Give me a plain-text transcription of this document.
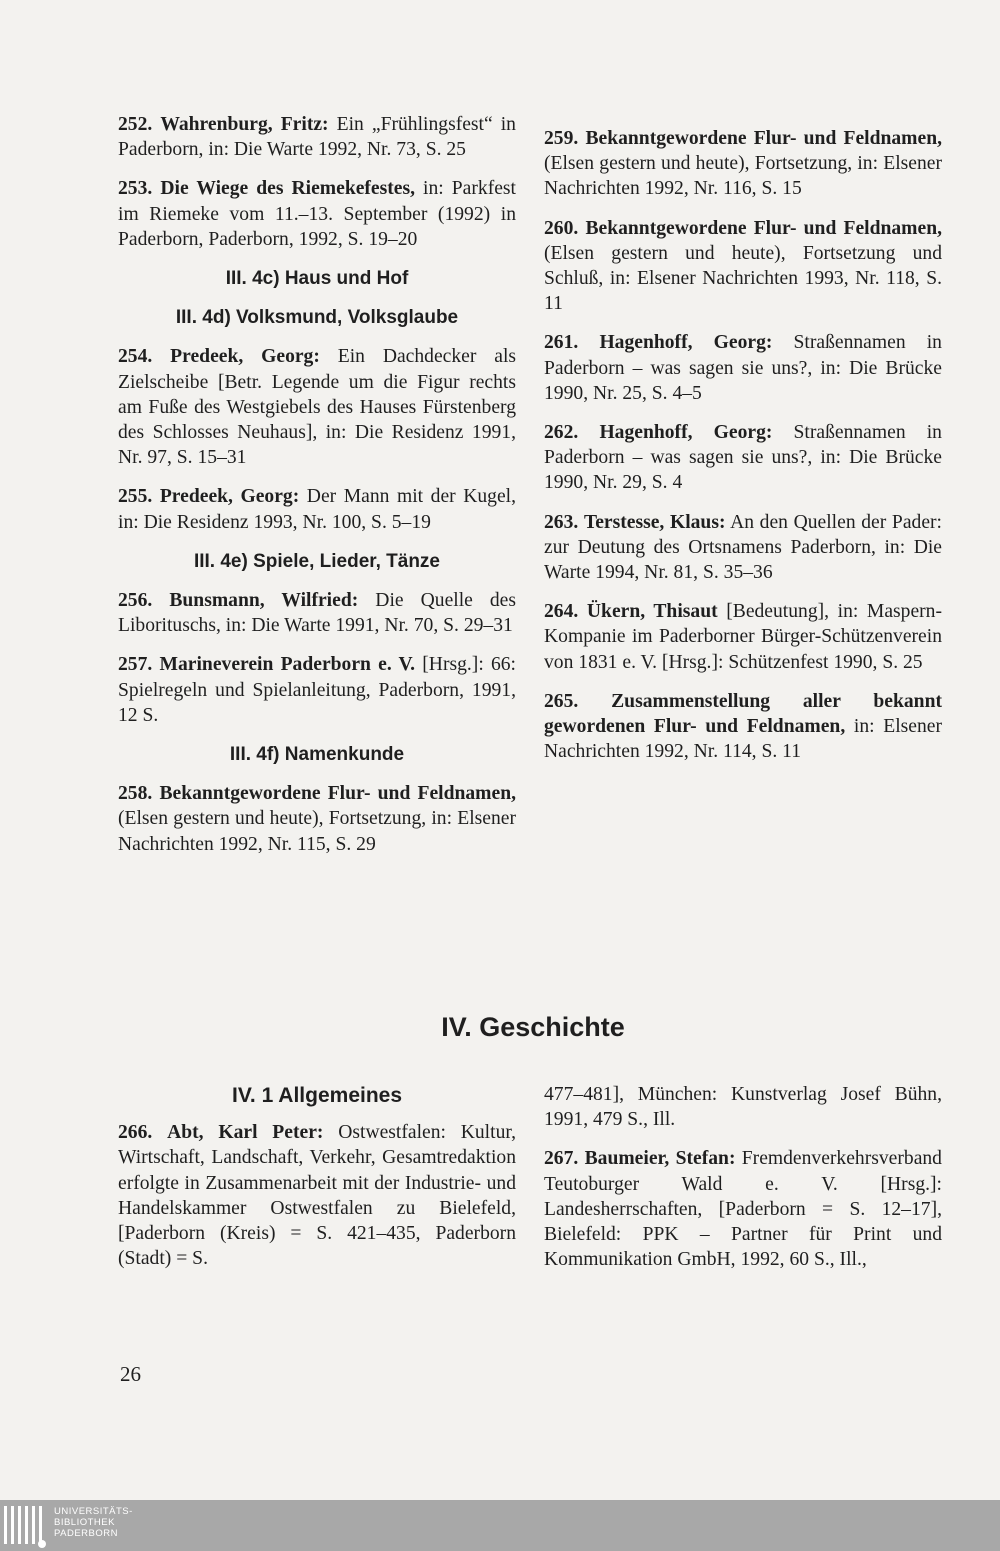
252. Wahrenburg, Fritz: Ein „Frühlingsfest“ in Paderborn, in: Die Warte 1992, Nr. 73, S. 25
253. Die Wiege des Riemekefestes, in: Parkfest im Riemeke vom 11.–13. September (1992) in Paderborn, Paderborn, 1992, S. 19–20
III. 4c) Haus und Hof
III. 4d) Volksmund, Volksglaube
254. Predeek, Georg: Ein Dachdecker als Zielscheibe [Betr. Legende um die Figur rechts am Fuße des Westgiebels des Hauses Fürstenberg des Schlosses Neuhaus], in: Die Residenz 1991, Nr. 97, S. 15–31
255. Predeek, Georg: Der Mann mit der Kugel, in: Die Residenz 1993, Nr. 100, S. 5–19
III. 4e) Spiele, Lieder, Tänze
256. Bunsmann, Wilfried: Die Quelle des Liborituschs, in: Die Warte 1991, Nr. 70, S. 29–31
257. Marineverein Paderborn e. V. [Hrsg.]: 66: Spielregeln und Spielanleitung, Paderborn, 1991, 12 S.
III. 4f) Namenkunde
258. Bekanntgewordene Flur- und Feldnamen, (Elsen gestern und heute), Fortsetzung, in: Elsener Nachrichten 1992, Nr. 115, S. 29
259. Bekanntgewordene Flur- und Feldnamen, (Elsen gestern und heute), Fortsetzung, in: Elsener Nachrichten 1992, Nr. 116, S. 15
260. Bekanntgewordene Flur- und Feldnamen, (Elsen gestern und heute), Fortsetzung und Schluß, in: Elsener Nachrichten 1993, Nr. 118, S. 11
261. Hagenhoff, Georg: Straßennamen in Paderborn – was sagen sie uns?, in: Die Brücke 1990, Nr. 25, S. 4–5
262. Hagenhoff, Georg: Straßennamen in Paderborn – was sagen sie uns?, in: Die Brücke 1990, Nr. 29, S. 4
263. Terstesse, Klaus: An den Quellen der Pader: zur Deutung des Ortsnamens Paderborn, in: Die Warte 1994, Nr. 81, S. 35–36
264. Ükern, Thisaut [Bedeutung], in: Maspern-Kompanie im Paderborner Bürger-Schützenverein von 1831 e. V. [Hrsg.]: Schützenfest 1990, S. 25
265. Zusammenstellung aller bekannt gewordenen Flur- und Feldnamen, in: Elsener Nachrichten 1992, Nr. 114, S. 11
IV. Geschichte
IV. 1 Allgemeines
266. Abt, Karl Peter: Ostwestfalen: Kultur, Wirtschaft, Landschaft, Verkehr, Gesamtredaktion erfolgte in Zusammenarbeit mit der Industrie- und Handelskammer Ostwestfalen zu Bielefeld, [Paderborn (Kreis) = S. 421–435, Paderborn (Stadt) = S.
477–481], München: Kunstverlag Josef Bühn, 1991, 479 S., Ill.
267. Baumeier, Stefan: Fremdenverkehrsverband Teutoburger Wald e. V. [Hrsg.]: Landesherrschaften, [Paderborn = S. 12–17], Bielefeld: PPK – Partner für Print und Kommunikation GmbH, 1992, 60 S., Ill.,
26
UNIVERSITÄTS-
BIBLIOTHEK
PADERBORN
